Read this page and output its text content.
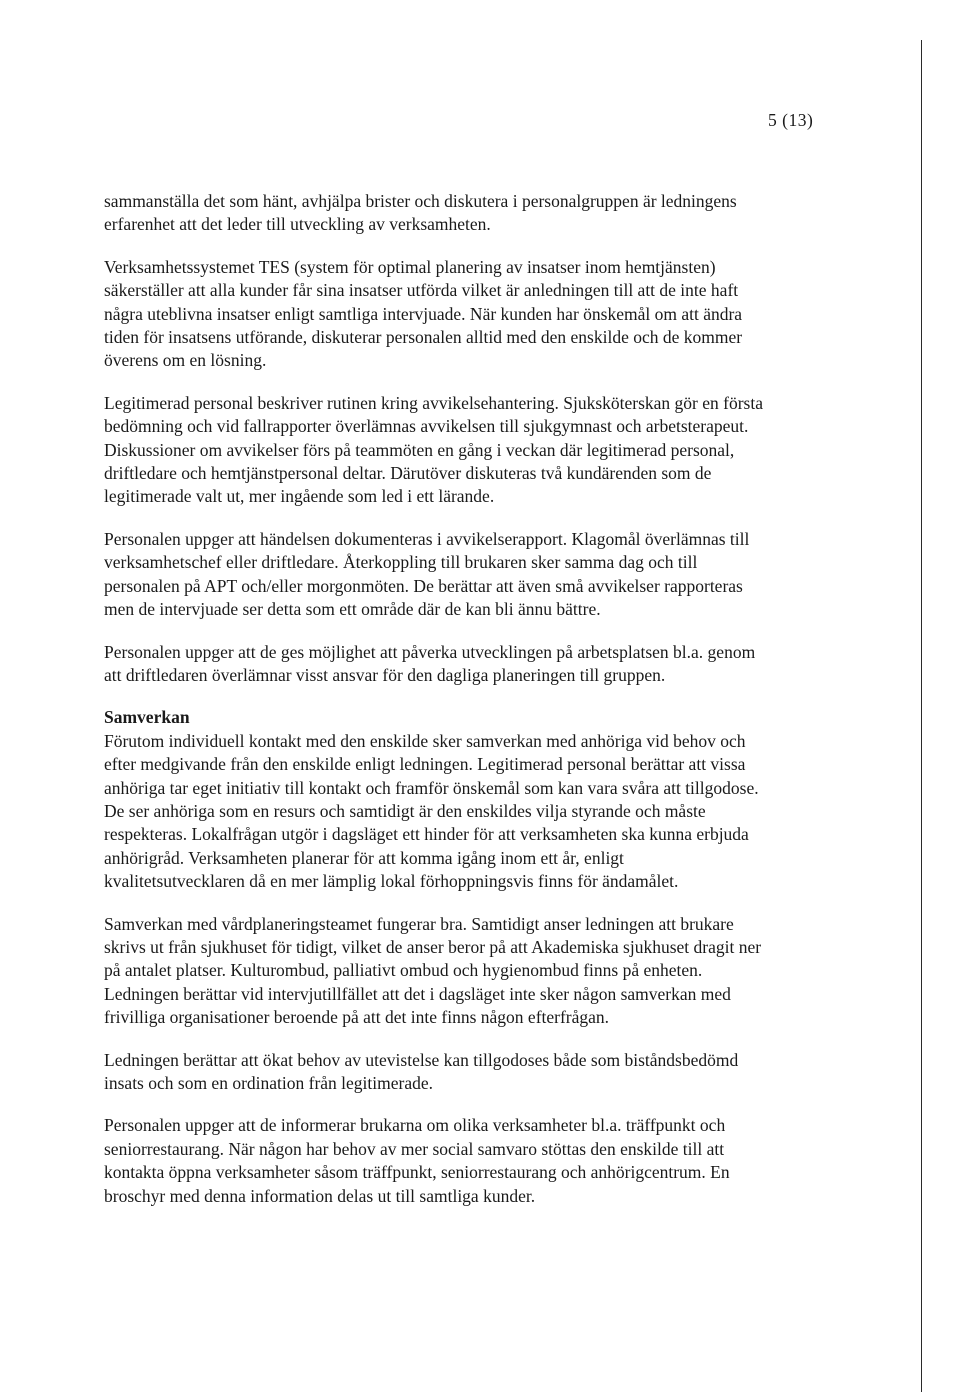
5 (13)

sammanställa det som hänt, avhjälpa brister och diskutera i personalgruppen är ledningens

erfarenhet att det leder till utveckling av verksamheten.

Verksamhetssystemet TES (system för optimal planering av insatser inom hemtjänsten)

säkerställer att alla kunder får sina insatser utförda vilket är anledningen till att de inte haft

några uteblivna insatser enligt samtliga intervjuade. När kunden har önskemål om att ändra

tiden för insatsens utförande, diskuterar personalen alltid med den enskilde och de kommer

överens om en lösning.

Legitimerad personal beskriver rutinen kring avvikelsehantering. Sjuksköterskan gör en första

bedömning och vid fallrapporter överlämnas avvikelsen till sjukgymnast och arbetsterapeut.

Diskussioner om avvikelser förs på teammöten en gång i veckan där legitimerad personal,

driftledare och hemtjänstpersonal deltar. Därutöver diskuteras två kundärenden som de

legitimerade valt ut, mer ingående som led i ett lärande.

Personalen uppger att händelsen dokumenteras i avvikelserapport. Klagomål överlämnas till

verksamhetschef eller driftledare. Återkoppling till brukaren sker samma dag och till

personalen på APT och/eller morgonmöten. De berättar att även små avvikelser rapporteras

men de intervjuade ser detta som ett område där de kan bli ännu bättre.

Personalen uppger att de ges möjlighet att påverka utvecklingen på arbetsplatsen bl.a. genom

att driftledaren överlämnar visst ansvar för den dagliga planeringen till gruppen.

Samverkan

Förutom individuell kontakt med den enskilde sker samverkan med anhöriga vid behov och

efter medgivande från den enskilde enligt ledningen. Legitimerad personal berättar att vissa

anhöriga tar eget initiativ till kontakt och framför önskemål som kan vara svåra att tillgodose.

De ser anhöriga som en resurs och samtidigt är den enskildes vilja styrande och måste

respekteras. Lokalfrågan utgör i dagsläget ett hinder för att verksamheten ska kunna erbjuda

anhörigråd. Verksamheten planerar för att komma igång inom ett år, enligt

kvalitetsutvecklaren då en mer lämplig lokal förhoppningsvis finns för ändamålet.

Samverkan med vårdplaneringsteamet fungerar bra. Samtidigt anser ledningen att brukare

skrivs ut från sjukhuset för tidigt, vilket de anser beror på att Akademiska sjukhuset dragit ner

på antalet platser. Kulturombud, palliativt ombud och hygienombud finns på enheten.

Ledningen berättar vid intervjutillfället att det i dagsläget inte sker någon samverkan med

frivilliga organisationer beroende på att det inte finns någon efterfrågan.

Ledningen berättar att ökat behov av utevistelse kan tillgodoses både som biståndsbedömd

insats och som en ordination från legitimerade.

Personalen uppger att de informerar brukarna om olika verksamheter bl.a. träffpunkt och

seniorrestaurang. När någon har behov av mer social samvaro stöttas den enskilde till att

kontakta öppna verksamheter såsom träffpunkt, seniorrestaurang och anhörigcentrum. En

broschyr med denna information delas ut till samtliga kunder.
